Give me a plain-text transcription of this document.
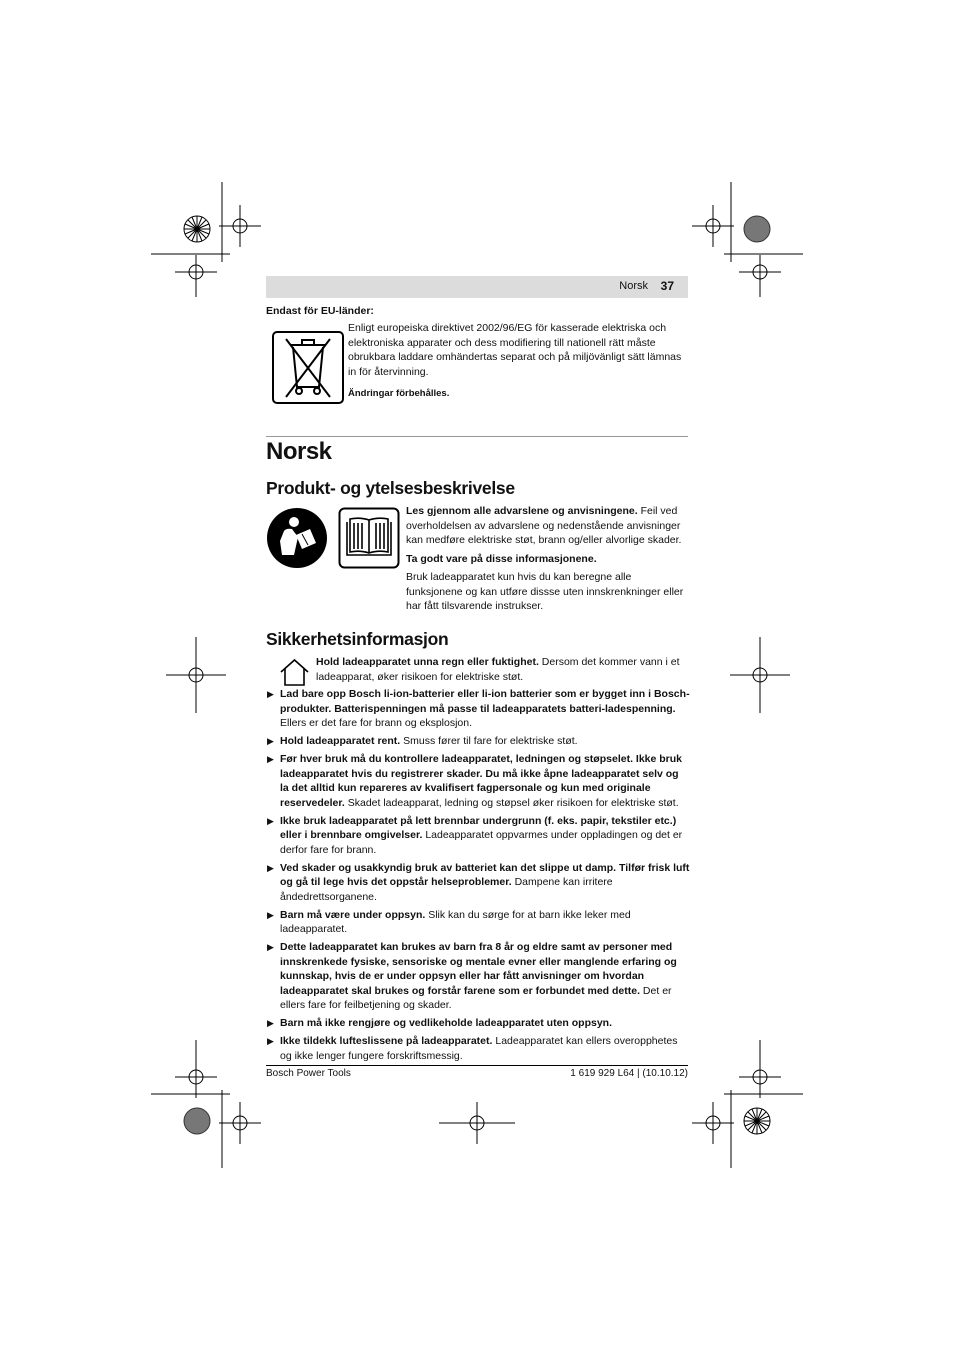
Norsk 37
Endast för EU-länder:
Enligt europeiska direktivet 2002/96/EG för kasserade elektriska och elektroniska apparater och dess modifiering till nationell rätt måste obrukbara laddare omhändertas separat och på miljövänligt sätt lämnas in för återvinning.
Ändringar förbehålles.
Norsk
Produkt- og ytelsesbeskrivelse

Les gjennom alle advarslene og anvisningene. Feil ved overholdelsen av advarslene og nedenstående anvisninger kan medføre elektriske støt, brann og/eller alvorlige skader.

Ta godt vare på disse informasjonene.

Bruk ladeapparatet kun hvis du kan beregne alle funksjonene og kan utføre dissse uten innskrenkninger eller har fått tilsvarende instrukser.

Sikkerhetsinformasjon
Hold ladeapparatet unna regn eller fuktighet. Dersom det kommer vann i et ladeapparat, øker risikoen for elektriske støt.
▶ Lad bare opp Bosch li-ion-batterier eller li-ion batterier som er bygget inn i Bosch-produkter. Batterispenningen må passe til ladeapparatets batteri-ladespenning. Ellers er det fare for brann og eksplosjon.
▶ Hold ladeapparatet rent. Smuss fører til fare for elektriske støt.
▶ Før hver bruk må du kontrollere ladeapparatet, ledningen og støpselet. Ikke bruk ladeapparatet hvis du registrerer skader. Du må ikke åpne ladeapparatet selv og la det alltid kun repareres av kvalifisert fagpersonale og kun med originale reservedeler. Skadet ladeapparat, ledning og støpsel øker risikoen for elektriske støt.
▶ Ikke bruk ladeapparatet på lett brennbar undergrunn (f. eks. papir, tekstiler etc.) eller i brennbare omgivelser. Ladeapparatet oppvarmes under oppladingen og det er derfor fare for brann.
▶ Ved skader og usakkyndig bruk av batteriet kan det slippe ut damp. Tilfør frisk luft og gå til lege hvis det oppstår helseproblemer. Dampene kan irritere åndedrettsorganene.
▶ Barn må være under oppsyn. Slik kan du sørge for at barn ikke leker med ladeapparatet.
▶ Dette ladeapparatet kan brukes av barn fra 8 år og eldre samt av personer med innskrenkede fysiske, sensoriske og mentale evner eller manglende erfaring og kunnskap, hvis de er under oppsyn eller har fått anvisninger om hvordan ladeapparatet skal brukes og forstår farene som er forbundet med dette. Det er ellers fare for feilbetjening og skader.
▶ Barn må ikke rengjøre og vedlikeholde ladeapparatet uten oppsyn.
▶ Ikke tildekk lufteslissene på ladeapparatet. Ladeapparatet kan ellers overopphetes og ikke lenger fungere forskriftsmessig.
Bosch Power Tools	1 619 929 L64 | (10.10.12)
